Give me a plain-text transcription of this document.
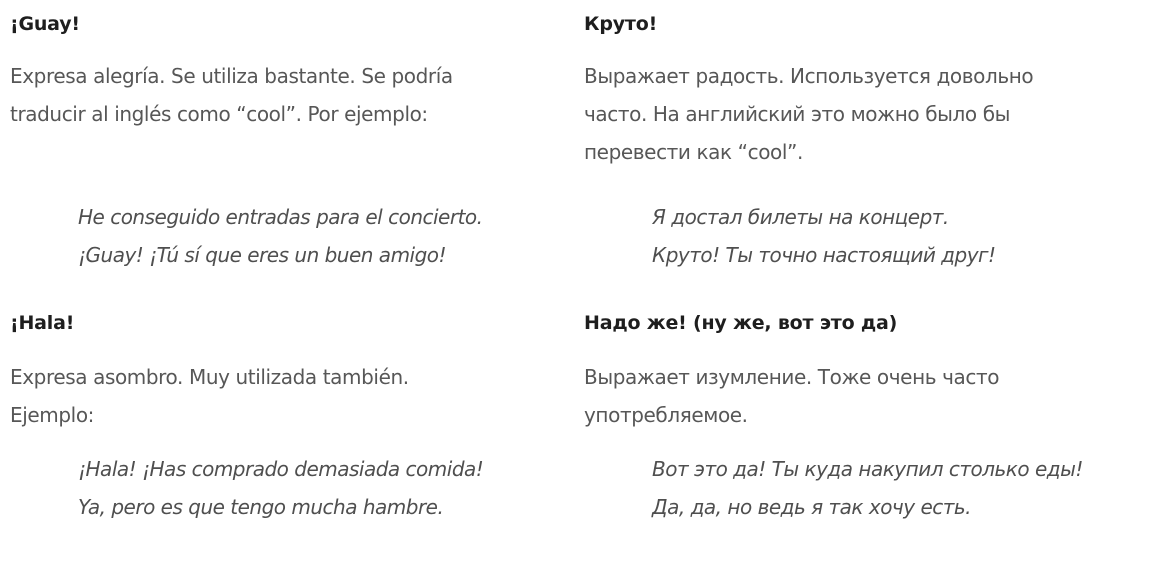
¡Guay!
Expresa alegría. Se utiliza bastante. Se podría
traducir al inglés como “cool”. Por ejemplo:
He conseguido entradas para el concierto.
¡Guay! ¡Tú sí que eres un buen amigo!
¡Hala!
Expresa asombro. Muy utilizada también.
Ejemplo:
¡Hala! ¡Has comprado demasiada comida!
Ya, pero es que tengo mucha hambre.
Круто!
Выражает радость. Используется довольно
часто. На английский это можно было бы
перевести как “cool”.
Я достал билеты на концерт.
Круто! Ты точно настоящий друг!
Надо же! (ну же, вот это да)
Выражает изумление. Тоже очень часто
употребляемое.
Вот это да! Ты куда накупил столько еды!
Да, да, но ведь я так хочу есть.
